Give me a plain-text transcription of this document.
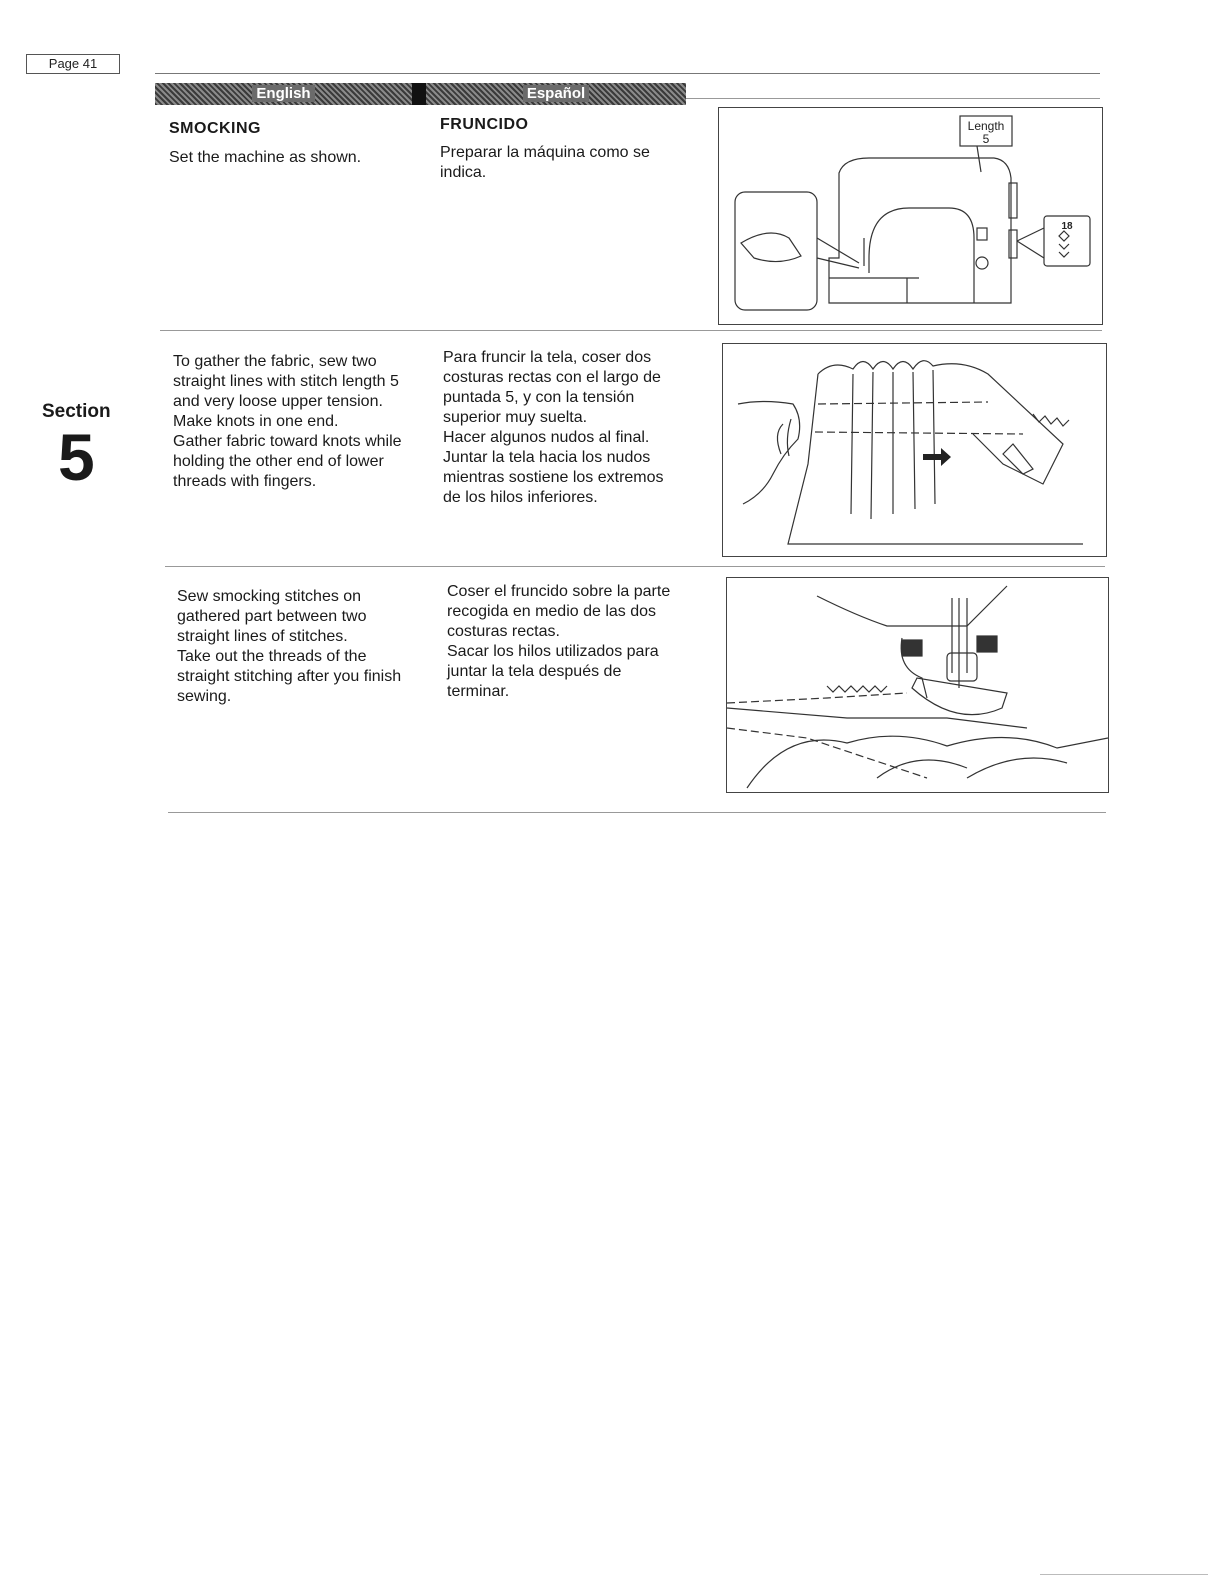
Page 41
English	Español
Section
5
SMOCKING
Set the machine as shown.
FRUNCIDO
Preparar la máquina como se indica.
Length
5
18
To gather the fabric, sew two straight lines with stitch length 5 and very loose upper tension. Make knots in one end.
Gather fabric toward knots while holding the other end of lower threads with fingers.
Para fruncir la tela, coser dos costuras rectas con el largo de puntada 5, y con la tensión superior muy suelta.
Hacer algunos nudos al final.
Juntar la tela hacia los nudos mientras sostiene los extremos de los hilos inferiores.
Sew smocking stitches on gathered part between two straight lines of stitches.
Take out the threads of the straight stitching after you finish sewing.
Coser el fruncido sobre la parte recogida en medio de las dos costuras rectas.
Sacar los hilos utilizados para juntar la tela después de terminar.
